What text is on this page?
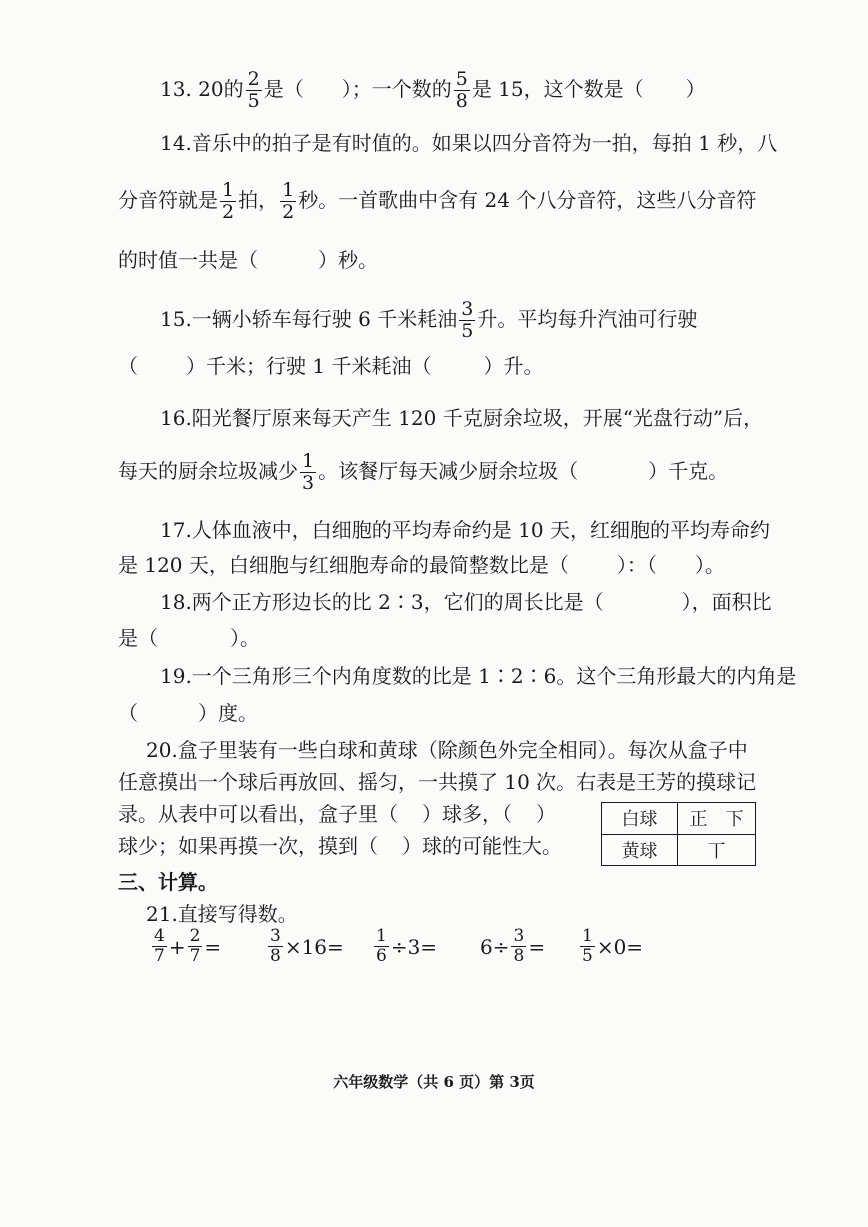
13. 20的 $\frac{2}{5}$ 是（ ）；一个数的 $\frac{5}{8}$ 是 15，这个数是（ ）
14.音乐中的拍子是有时值的。如果以四分音符为一拍，每拍 1 秒，八
分音符就是 $\frac{1}{2}$ 拍， $\frac{1}{2}$ 秒。一首歌曲中含有 24 个八分音符，这些八分音符
的时值一共是（	）秒。
15.一辆小轿车每行驶 6 千米耗油 $\frac{3}{5}$ 升。平均每升汽油可行驶
（ ）千米；行驶 1 千米耗油（	）升。
16.阳光餐厅原来每天产生 120 千克厨余垃圾，开展“光盘行动”后，
每天的厨余垃圾减少 $\frac{1}{3}$ 。该餐厅每天减少厨余垃圾（	）千克。
17.人体血液中，白细胞的平均寿命约是 10 天，红细胞的平均寿命约
是 120 天，白细胞与红细胞寿命的最简整数比是（ ）：（ ）。
18.两个正方形边长的比 2∶3，它们的周长比是（	），面积比
是（	）。
19.一个三角形三个内角度数的比是 1∶2∶6。这个三角形最大的内角是
（	）度。
20.盒子里装有一些白球和黄球（除颜色外完全相同）。每次从盒子中
任意摸出一个球后再放回、摇匀，一共摸了 10 次。右表是王芳的摸球记
录。从表中可以看出，盒子里（ ）球多，（ ）
球少；如果再摸一次，摸到（ ）球的可能性大。
白球	正　下
黄球	丅
三、计算。
21.直接写得数。
$\frac{4}{7} + \frac{2}{7}$ =	$\frac{3}{8} \times 16= \frac{1}{6} \div 3= 6\div \frac{3}{8} = \frac{1}{5} \times 0=$
六年级数学（共 6 页）第 3页
